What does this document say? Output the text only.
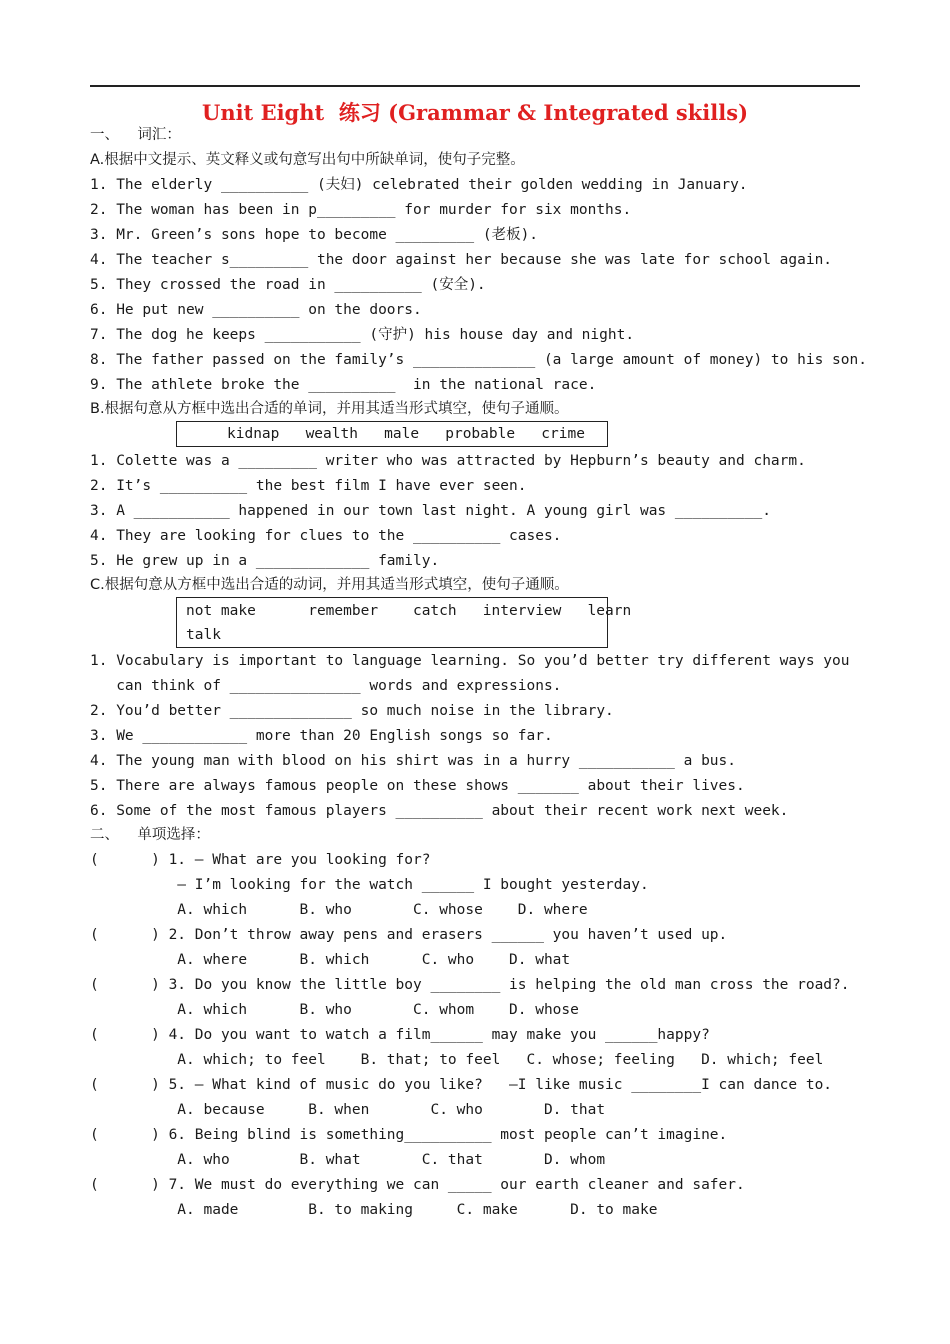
Unit Eight  练习 (Grammar & Integrated skills)
一、    词汇：
A.根据中文提示、英文释义或句意写出句中所缺单词，使句子完整。
1. The elderly __________ (夫妇) celebrated their golden wedding in January.
2. The woman has been in p_________ for murder for six months.
3. Mr. Green’s sons hope to become _________ (老板).
4. The teacher s_________ the door against her because she was late for school again.
5. They crossed the road in __________ (安全).
6. He put new __________ on the doors.
7. The dog he keeps ___________ (守护) his house day and night.
8. The father passed on the family’s ______________ (a large amount of money) to his son.
9. The athlete broke the __________  in the national race.
B.根据句意从方框中选出合适的单词，并用其适当形式填空，使句子通顺。
kidnap   wealth   male   probable   crime
1. Colette was a _________ writer who was attracted by Hepburn’s beauty and charm.
2. It’s __________ the best film I have ever seen.
3. A ___________ happened in our town last night. A young girl was __________.
4. They are looking for clues to the __________ cases.
5. He grew up in a _____________ family.
C.根据句意从方框中选出合适的动词，并用其适当形式填空，使句子通顺。
not make      remember    catch   interview   learn
talk
1. Vocabulary is important to language learning. So you’d better try different ways you
can think of _______________ words and expressions.
2. You’d better ______________ so much noise in the library.
3. We ____________ more than 20 English songs so far.
4. The young man with blood on his shirt was in a hurry ___________ a bus.
5. There are always famous people on these shows _______ about their lives.
6. Some of the most famous players __________ about their recent work next week.
二、    单项选择：
(      ) 1. — What are you looking for?
— I’m looking for the watch ______ I bought yesterday.
A. which      B. who       C. whose    D. where
(      ) 2. Don’t throw away pens and erasers ______ you haven’t used up.
A. where      B. which      C. who    D. what
(      ) 3. Do you know the little boy ________ is helping the old man cross the road?.
A. which      B. who       C. whom    D. whose
(      ) 4. Do you want to watch a film______ may make you ______happy?
A. which; to feel    B. that; to feel   C. whose; feeling   D. which; feel
(      ) 5. — What kind of music do you like?   —I like music ________I can dance to.
A. because     B. when       C. who       D. that
(      ) 6. Being blind is something__________ most people can’t imagine.
A. who        B. what       C. that       D. whom
(      ) 7. We must do everything we can _____ our earth cleaner and safer.
A. made        B. to making     C. make      D. to make
